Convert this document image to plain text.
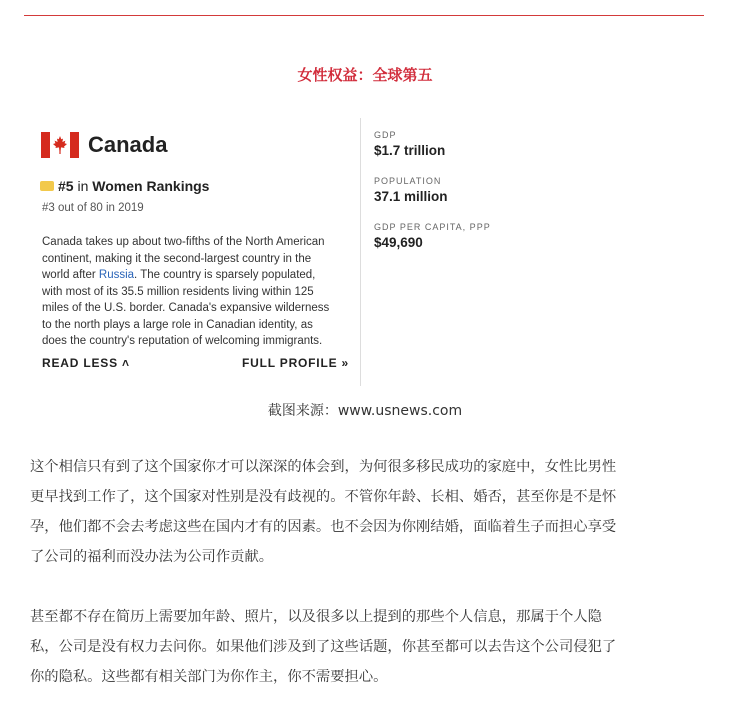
女性权益：全球第五
Canada
#5 in Women Rankings
#3 out of 80 in 2019
Canada takes up about two-fifths of the North American
continent, making it the second-largest country in the
world after Russia. The country is sparsely populated,
with most of its 35.5 million residents living within 125
miles of the U.S. border. Canada's expansive wilderness
to the north plays a large role in Canadian identity, as
does the country's reputation of welcoming immigrants.
READ LESS ˄	FULL PROFILE »
GDP
$1.7 trillion
POPULATION
37.1 million
GDP PER CAPITA, PPP
$49,690
截图来源：www.usnews.com
这个相信只有到了这个国家你才可以深深的体会到，为何很多移民成功的家庭中，女性比男性
更早找到工作了，这个国家对性别是没有歧视的。不管你年龄、长相、婚否，甚至你是不是怀
孕，他们都不会去考虑这些在国内才有的因素。也不会因为你刚结婚，面临着生子而担心享受
了公司的福利而没办法为公司作贡献。
甚至都不存在简历上需要加年龄、照片，以及很多以上提到的那些个人信息，那属于个人隐
私，公司是没有权力去问你。如果他们涉及到了这些话题，你甚至都可以去告这个公司侵犯了
你的隐私。这些都有相关部门为你作主，你不需要担心。
